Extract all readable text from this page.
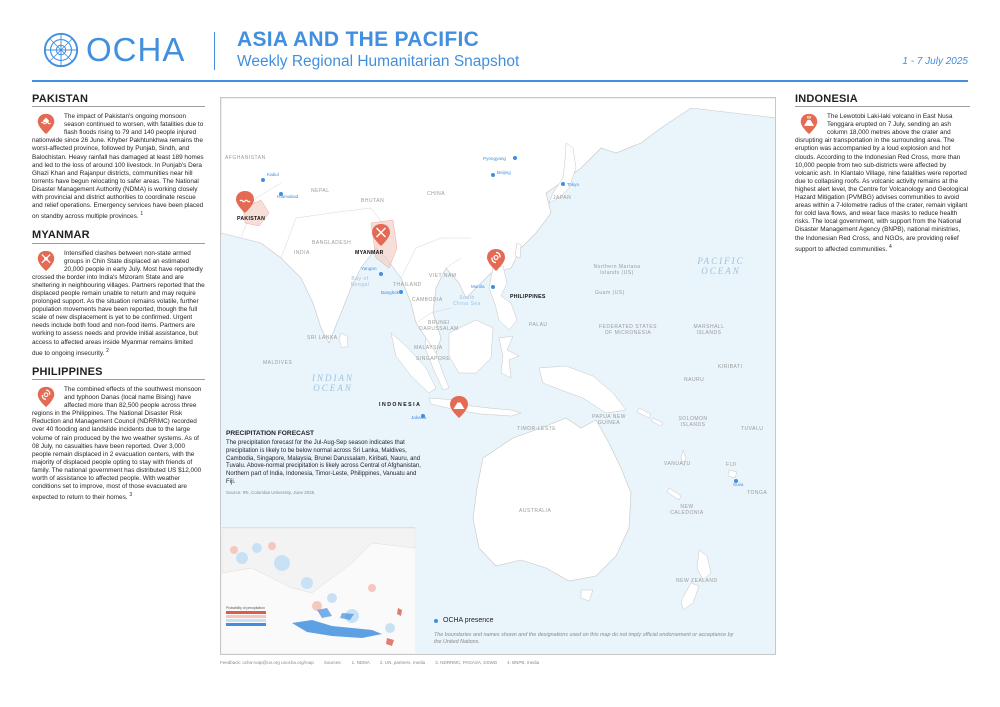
OCHA ASIA AND THE PACIFIC
Weekly Regional Humanitarian Snapshot	1 - 7 July 2025
PAKISTAN
The impact of Pakistan's ongoing monsoon season continued to worsen, with fatalities due to flash floods rising to 79 and 140 people injured nationwide since 26 June. Khyber Pakhtunkhwa remains the worst-affected province, followed by Punjab, Sindh, and Balochistan. Heavy rainfall has damaged at least 189 homes and led to the loss of around 100 livestock. In Punjab's Dera Ghazi Khan and Rajanpur districts, communities near hill torrents have begun relocating to safer areas. The National Disaster Management Authority (NDMA) is working closely with provincial and district authorities to coordinate rescue and relief operations. Emergency services have been placed on standby across multiple provinces. $^1$
MYANMAR
Intensified clashes between non-state armed groups in Chin State displaced an estimated 20,000 people in early July. Most have reportedly crossed the border into India's Mizoram State and are sheltering in neighbouring villages. Partners reported that the displaced people remain unable to return and may require prolonged support. As the situation remains volatile, further population movements have been reported, though the full scale of new displacement is yet to be confirmed. Urgent needs include both food and non-food items. Partners are working to assess needs and provide initial assistance, but access to affected areas inside Myanmar remains limited due to ongoing insecurity. $^2$
PHILIPPINES
The combined effects of the southwest monsoon and typhoon Danas (local name Bising) have affected more than 82,500 people across three regions in the Philippines. The National Disaster Risk Reduction and Management Council (NDRRMC) recorded over 40 flooding and landslide incidents due to the large volume of rain produced by the two weather systems. As of 08 July, no casualties have been reported. Over 3,000 people remain displaced in 2 evacuation centers, with the majority of displaced people opting to stay with friends of family. The national government has distributed US $12,000 worth of assistance to affected people. With weather conditions set to improve, most of those evacuated are expected to return to their homes. $^3$
INDONESIA
The Lewotobi Laki-laki volcano in East Nusa Tenggara erupted on 7 July, sending an ash column 18,000 metres above the crater and disrupting air transportation in the surrounding area. The eruption was accompanied by a loud explosion and hot clouds. According to the Indonesian Red Cross, more than 10,000 people from two sub-districts were affected by volcanic ash. In Klantalo Village, nine fatalities were reported due to collapsing roofs. As volcanic activity remains at the highest alert level, the Centre for Volcanology and Geological Hazard Mitigation (PVMBG) advises communities to avoid areas within a 7-kilometre radius of the crater, remain vigilant for cold lava flows, and wear face masks to reduce health risks. The local government, with support from the National Disaster Management Agency (BNPB), national ministries, the Indonesian Red Cross, and NGOs, are providing relief support to affected communities. $^4$
PACIFIC
OCEAN
INDIAN
OCEAN
AFGHANISTAN
NEPAL
BHUTAN
CHINA
JAPAN
INDIA
BANGLADESH
VIET NAM
THAILAND
CAMBODIA
SRI LANKA
MALDIVES
MALAYSIA
BRUNEI DARUSSALAM
SINGAPORE
PALAU	FEDERATED STATES OF MICRONESIA
MARSHALL ISLANDS
KIRIBATI
NAURU
PAPUA NEW GUINEA
SOLOMON ISLANDS
TUVALU
TIMOR-LESTE
VANUATU	FIJI
TONGA
NEW CALEDONIA
AUSTRALIA
NEW ZEALAND
Northern Mariana Islands (US)
Guam (US)
Bay of Bengal
South China Sea
Kabul
Islamabad
Pyongyang
Beijing
Tokyo
Yangon
Bangkok
Manila
Jakarta
Suva
PAKISTAN
MYANMAR
PHILIPPINES
INDONESIA
PRECIPITATION FORECAST
The precipitation forecast for the Jul-Aug-Sep season indicates that precipitation is likely to be below normal across Sri Lanka, Maldives, Cambodia, Singapore, Malaysia, Brunei Darussalam, Kiribati, Nauru, and Tuvalu. Above-normal precipitation is likely across Central of Afghanistan, Northern part of India, Indonesia, Timor-Leste, Philippines, Vanuatu and Fiji.
Source: IRI, Columbia University, June 2025
Probability of precipitation
OCHA presence
The boundaries and names shown and the designations used on this map do not imply official endorsement or acceptance by the United Nations.
Feedback: ocha-roap@un.org unocha.org/roap Sources: 1. NDMA 2. UN, partners, media 3. NDRRMC, PAGASA, DSWD 4. BNPB, media
